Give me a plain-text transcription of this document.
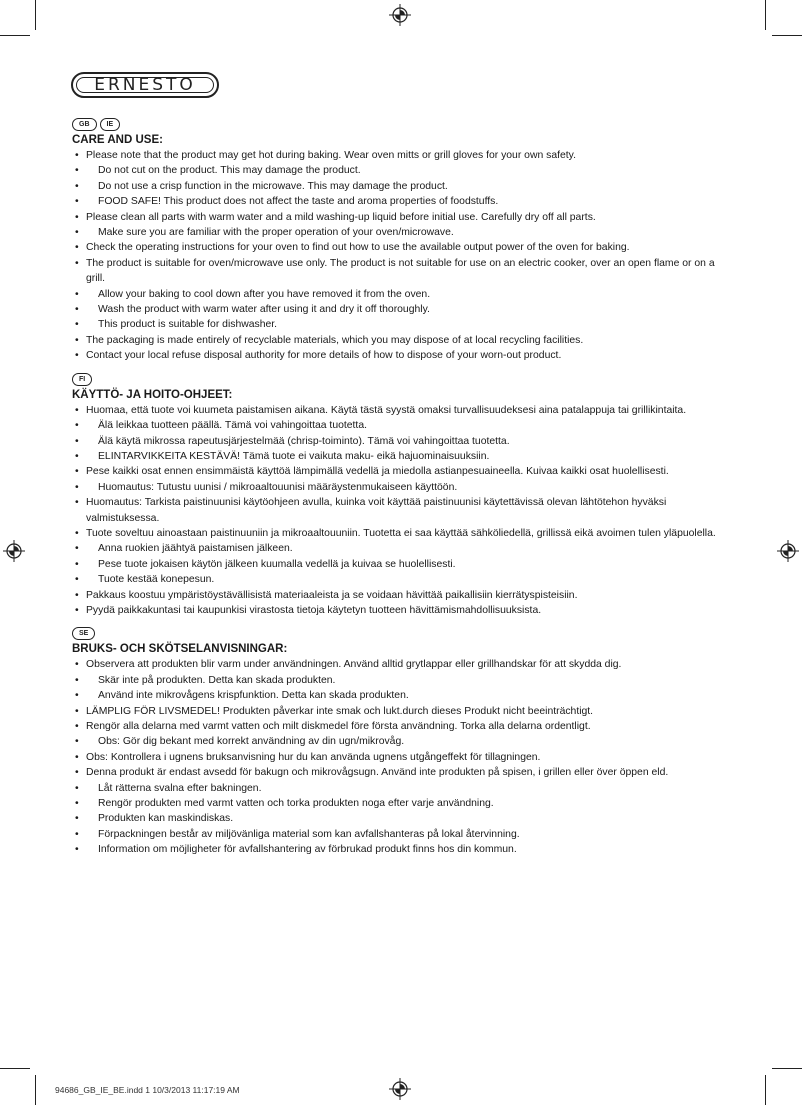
ERNESTO
GB	IE
CARE AND USE:
• Please note that the product may get hot during baking. Wear oven mitts or grill gloves for your own safety.
• Do not cut on the product. This may damage the product.
• Do not use a crisp function in the microwave. This may damage the product.
• FOOD SAFE! This product does not affect the taste and aroma properties of foodstuffs.
• Please clean all parts with warm water and a mild washing-up liquid before initial use. Carefully dry off all parts.
• Make sure you are familiar with the proper operation of your oven/microwave.
• Check the operating instructions for your oven to find out how to use the available output power of the oven for baking.
• The product is suitable for oven/microwave use only. The product is not suitable for use on an electric cooker, over an open flame or on a grill.
• Allow your baking to cool down after you have removed it from the oven.
• Wash the product with warm water after using it and dry it off thoroughly.
• This product is suitable for dishwasher.
• The packaging is made entirely of recyclable materials, which you may dispose of at local recycling facilities.
• Contact your local refuse disposal authority for more details of how to dispose of your worn-out product.
FI
KÄYTTÖ- JA HOITO-OHJEET:
• Huomaa, että tuote voi kuumeta paistamisen aikana. Käytä tästä syystä omaksi turvallisuudeksesi aina patalappuja tai grillikintaita.
• Älä leikkaa tuotteen päällä. Tämä voi vahingoittaa tuotetta.
• Älä käytä mikrossa rapeutusjärjestelmää (chrisp-toiminto). Tämä voi vahingoittaa tuotetta.
• ELINTARVIKKEITA KESTÄVÄ! Tämä tuote ei vaikuta maku- eikä hajuominaisuuksiin.
• Pese kaikki osat ennen ensimmäistä käyttöä lämpimällä vedellä ja miedolla astianpesuaineella. Kuivaa kaikki osat huolellisesti.
• Huomautus: Tutustu uunisi / mikroaaltouunisi määräystenmukaiseen käyttöön.
• Huomautus: Tarkista paistinuunisi käytöohjeen avulla, kuinka voit käyttää paistinuunisi käytettävissä olevan lähtötehon hyväksi valmistuksessa.
• Tuote soveltuu ainoastaan paistinuuniin ja mikroaaltouuniin. Tuotetta ei saa käyttää sähköliedellä, grillissä eikä avoimen tulen yläpuolella.
• Anna ruokien jäähtyä paistamisen jälkeen.
• Pese tuote jokaisen käytön jälkeen kuumalla vedellä ja kuivaa se huolellisesti.
• Tuote kestää konepesun.
• Pakkaus koostuu ympäristöystävällisistä materiaaleista ja se voidaan hävittää paikallisiin kierrätyspisteisiin.
• Pyydä paikkakuntasi tai kaupunkisi virastosta tietoja käytetyn tuotteen hävittämismahdollisuuksista.
SE
BRUKS- OCH SKÖTSELANVISNINGAR:
• Observera att produkten blir varm under användningen. Använd alltid grytlappar eller grillhandskar för att skydda dig.
• Skär inte på produkten. Detta kan skada produkten.
• Använd inte mikrovågens krispfunktion. Detta kan skada produkten.
• LÄMPLIG FÖR LIVSMEDEL! Produkten påverkar inte smak och lukt.durch dieses Produkt nicht beeinträchtigt.
• Rengör alla delarna med varmt vatten och milt diskmedel före första användning. Torka alla delarna ordentligt.
• Obs: Gör dig bekant med korrekt användning av din ugn/mikrovåg.
• Obs: Kontrollera i ugnens bruksanvisning hur du kan använda ugnens utgångeffekt för tillagningen.
• Denna produkt är endast avsedd för bakugn och mikrovågsugn. Använd inte produkten på spisen, i grillen eller över öppen eld.
• Låt rätterna svalna efter bakningen.
• Rengör produkten med varmt vatten och torka produkten noga efter varje användning.
• Produkten kan maskindiskas.
• Förpackningen består av miljövänliga material som kan avfallshanteras på lokal återvinning.
• Information om möjligheter för avfallshantering av förbrukad produkt finns hos din kommun.
94686_GB_IE_BE.indd 1 10/3/2013 11:17:19 AM
